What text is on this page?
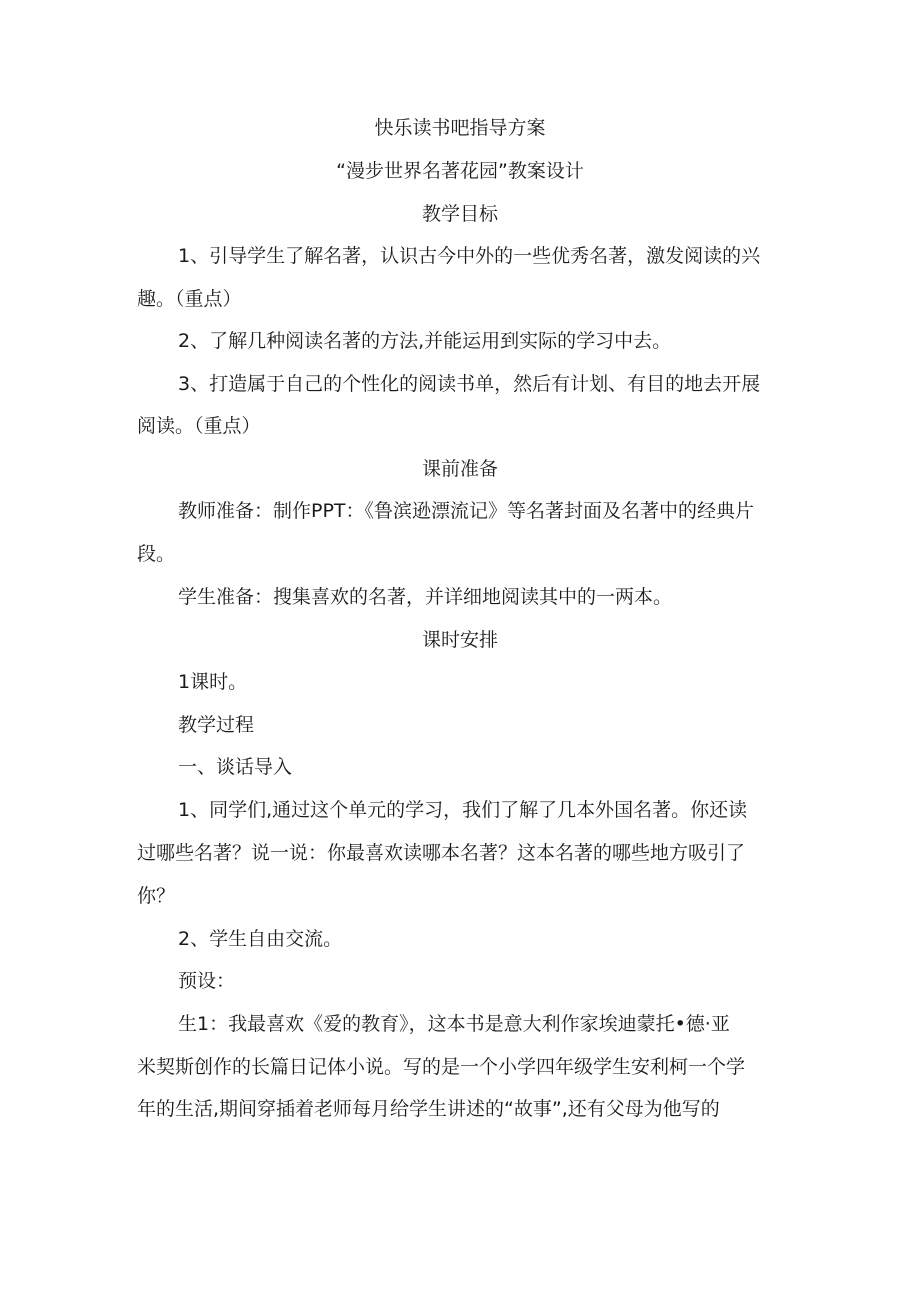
快乐读书吧指导方案
“漫步世界名著花园”教案设计
教学目标
1、引导学生了解名著，认识古今中外的一些优秀名著，激发阅读的兴
趣。（重点）
2、了解几种阅读名著的方法,并能运用到实际的学习中去。
3、打造属于自己的个性化的阅读书单，然后有计划、有目的地去开展
阅读。（重点）
课前准备
教师准备：制作PPT：《鲁滨逊漂流记》等名著封面及名著中的经典片
段。
学生准备：搜集喜欢的名著，并详细地阅读其中的一两本。
课时安排
1课时。
教学过程
一、谈话导入
1、同学们,通过这个单元的学习，我们了解了几本外国名著。你还读
过哪些名著？说一说：你最喜欢读哪本名著？这本名著的哪些地方吸引了
你？
2、学生自由交流。
预设：
生1：我最喜欢《爱的教育》，这本书是意大利作家埃迪蒙托•德·亚
米契斯创作的长篇日记体小说。写的是一个小学四年级学生安利柯一个学
年的生活,期间穿插着老师每月给学生讲述的“故事”,还有父母为他写的
